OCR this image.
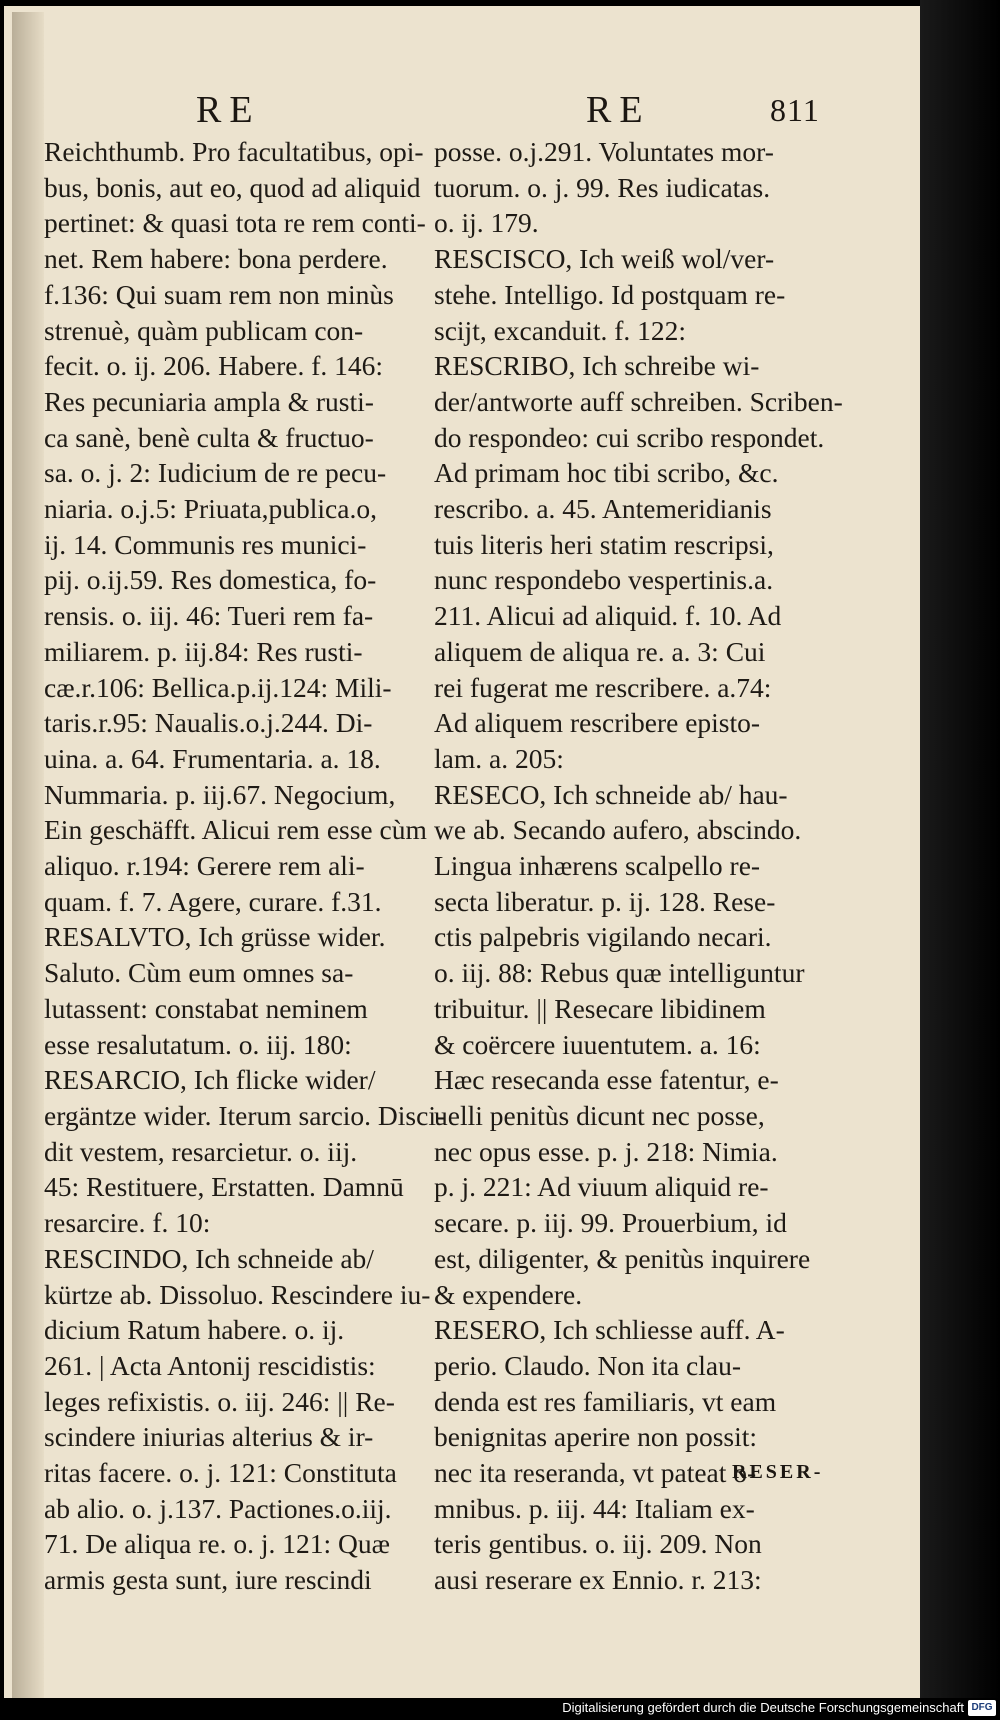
RE	RE	811

Reichthumb. Pro facultatibus, opi-

bus, bonis, aut eo, quod ad aliquid

pertinet: & quasi tota re rem conti-

net. Rem habere: bona perdere.

f.136: Qui suam rem non minùs

strenuè, quàm publicam con-

fecit. o. ij. 206. Habere. f. 146:

Res pecuniaria ampla & rusti-

ca sanè, benè culta & fructuo-

sa. o. j. 2: Iudicium de re pecu-

niaria. o.j.5: Priuata,publica.o,

ij. 14. Communis res munici-

pij. o.ij.59. Res domestica, fo-

rensis. o. iij. 46: Tueri rem fa-

miliarem. p. iij.84: Res rusti-

cæ.r.106: Bellica.p.ij.124: Mili-

taris.r.95: Naualis.o.j.244. Di-

uina. a. 64. Frumentaria. a. 18.

Nummaria. p. iij.67. Negocium,

Ein geschäfft. Alicui rem esse cùm

aliquo. r.194: Gerere rem ali-

quam. f. 7. Agere, curare. f.31.

RESALVTO, Ich grüsse wider.

Saluto. Cùm eum omnes sa-

lutassent: constabat neminem

esse resalutatum. o. iij. 180:

RESARCIO, Ich flicke wider/

ergäntze wider. Iterum sarcio. Disci-

dit vestem, resarcietur. o. iij.

45: Restituere, Erstatten. Damnū

resarcire. f. 10:

RESCINDO, Ich schneide ab/

kürtze ab. Dissoluo. Rescindere iu-

dicium Ratum habere. o. ij.

261. | Acta Antonij rescidistis:

leges refixistis. o. iij. 246: || Re-

scindere iniurias alterius & ir-

ritas facere. o. j. 121: Constituta

ab alio. o. j.137. Pactiones.o.iij.

71. De aliqua re. o. j. 121: Quæ

armis gesta sunt, iure rescindi

posse. o.j.291. Voluntates mor-

tuorum. o. j. 99. Res iudicatas.

o. ij. 179.

RESCISCO, Ich weiß wol/ver-

stehe. Intelligo. Id postquam re-

scijt, excanduit. f. 122:

RESCRIBO, Ich schreibe wi-

der/antworte auff schreiben. Scriben-

do respondeo: cui scribo respondet.

Ad primam hoc tibi scribo, &c.

rescribo. a. 45. Antemeridianis

tuis literis heri statim rescripsi,

nunc respondebo vespertinis.a.

211. Alicui ad aliquid. f. 10. Ad

aliquem de aliqua re. a. 3: Cui

rei fugerat me rescribere. a.74:

Ad aliquem rescribere episto-

lam. a. 205:

RESECO, Ich schneide ab/ hau-

we ab. Secando aufero, abscindo.

Lingua inhærens scalpello re-

secta liberatur. p. ij. 128. Rese-

ctis palpebris vigilando necari.

o. iij. 88: Rebus quæ intelliguntur

tribuitur. || Resecare libidinem

& coërcere iuuentutem. a. 16:

Hæc resecanda esse fatentur, e-

uelli penitùs dicunt nec posse,

nec opus esse. p. j. 218: Nimia.

p. j. 221: Ad viuum aliquid re-

secare. p. iij. 99. Prouerbium, id

est, diligenter, & penitùs inquirere

& expendere.

RESERO, Ich schliesse auff. A-

perio. Claudo. Non ita clau-

denda est res familiaris, vt eam

benignitas aperire non possit:

nec ita reseranda, vt pateat o-

mnibus. p. iij. 44: Italiam ex-

teris gentibus. o. iij. 209. Non

ausi reserare ex Ennio. r. 213:

RESER-
Digitalisierung gefördert durch die Deutsche Forschungsgemeinschaft DFG
